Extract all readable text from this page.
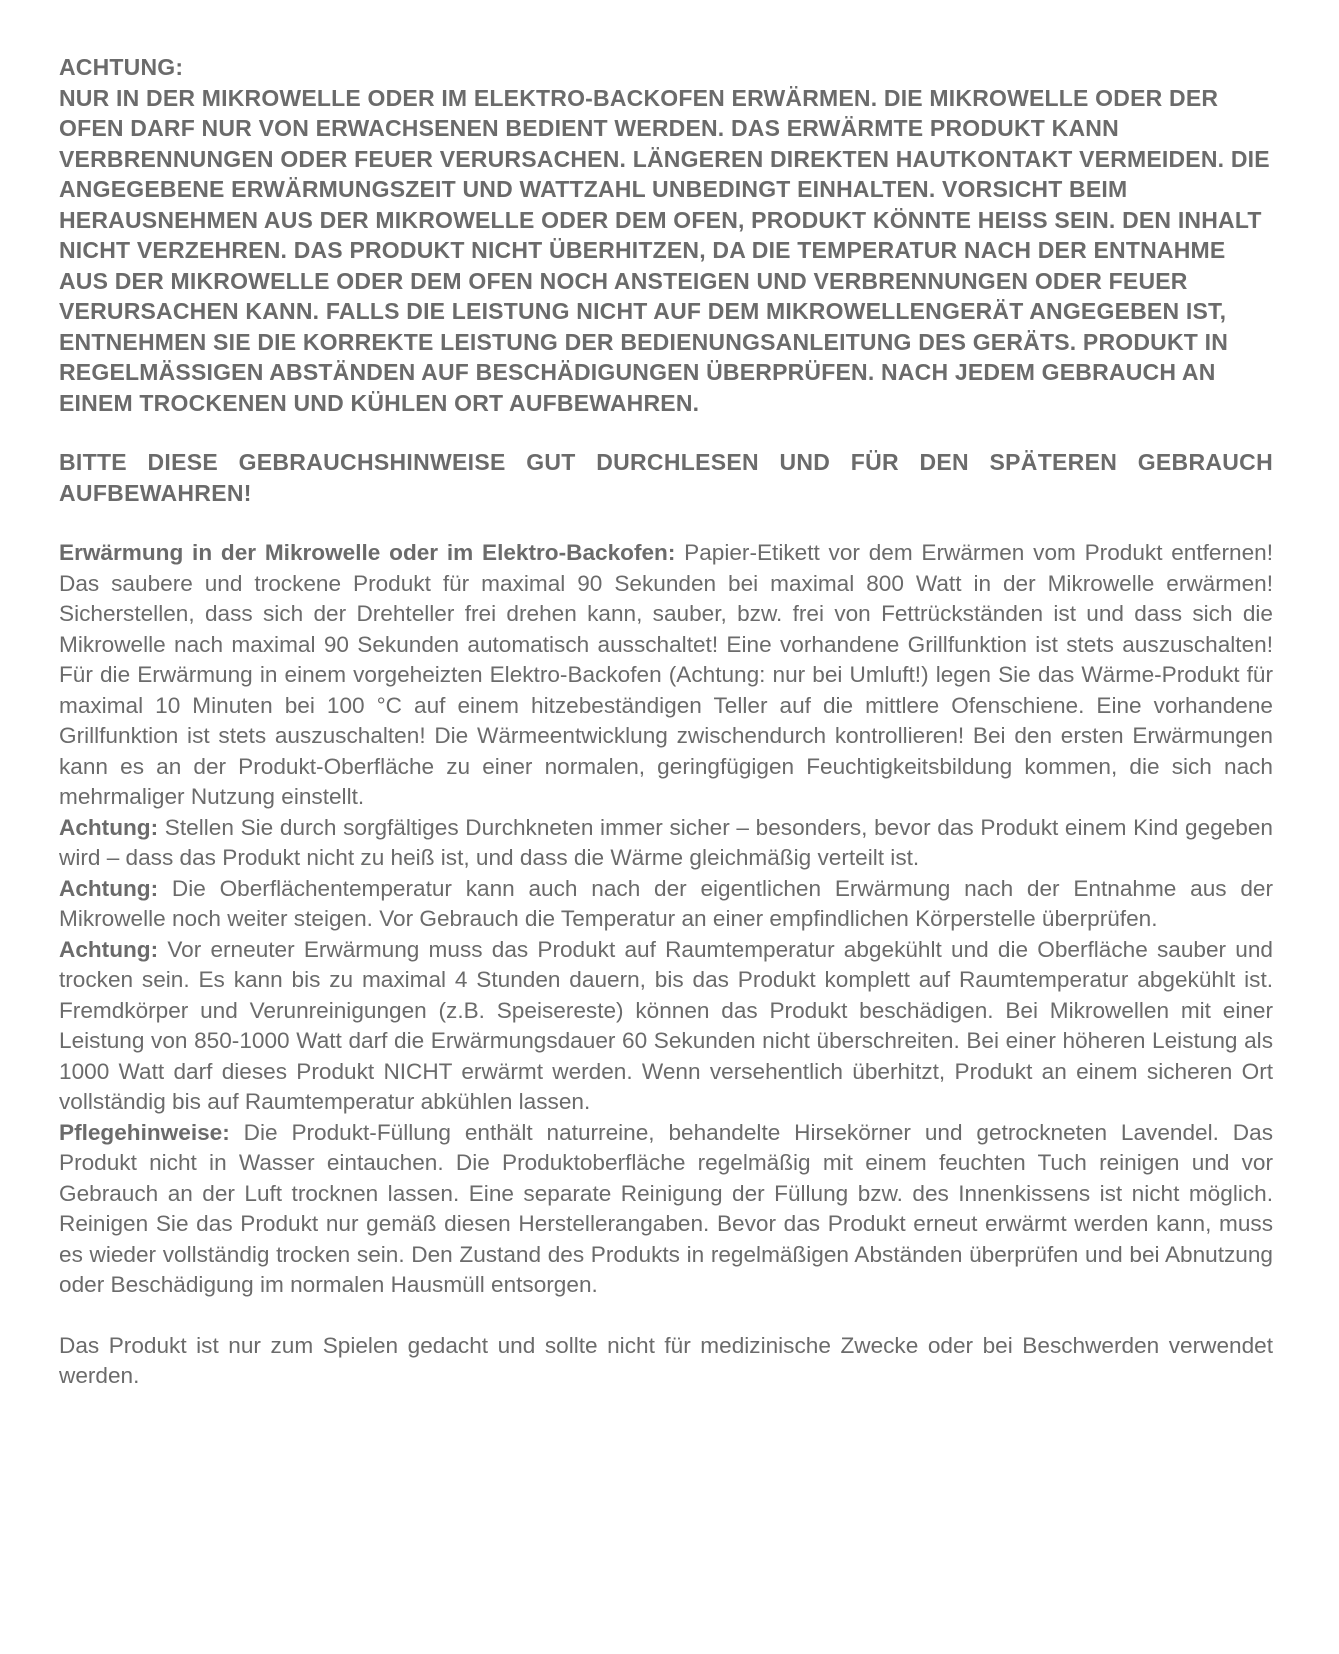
ACHTUNG:
NUR IN DER MIKROWELLE ODER IM ELEKTRO-BACKOFEN ERWÄRMEN. DIE MIKROWELLE ODER DER OFEN DARF NUR VON ERWACHSENEN BEDIENT WERDEN. DAS ERWÄRMTE PRODUKT KANN VERBRENNUNGEN ODER FEUER VERURSACHEN. LÄNGEREN DIREKTEN HAUTKONTAKT VERMEIDEN. DIE ANGEGEBENE ERWÄRMUNGSZEIT UND WATTZAHL UNBEDINGT EINHALTEN. VORSICHT BEIM HERAUSNEHMEN AUS DER MIKROWELLE ODER DEM OFEN, PRODUKT KÖNNTE HEISS SEIN. DEN INHALT NICHT VERZEHREN. DAS PRODUKT NICHT ÜBERHITZEN, DA DIE TEMPERATUR NACH DER ENTNAHME AUS DER MIKROWELLE ODER DEM OFEN NOCH ANSTEIGEN UND VERBRENNUNGEN ODER FEUER VERURSACHEN KANN. FALLS DIE LEISTUNG NICHT AUF DEM MIKROWELLENGERÄT ANGEGEBEN IST, ENTNEHMEN SIE DIE KORREKTE LEISTUNG DER BEDIENUNGSANLEITUNG DES GERÄTS. PRODUKT IN REGELMÄSSIGEN ABSTÄNDEN AUF BESCHÄDIGUNGEN ÜBERPRÜFEN. NACH JEDEM GEBRAUCH AN EINEM TROCKENEN UND KÜHLEN ORT AUFBEWAHREN.

BITTE DIESE GEBRAUCHSHINWEISE GUT DURCHLESEN UND FÜR DEN SPÄTEREN GEBRAUCH AUFBEWAHREN!

Erwärmung in der Mikrowelle oder im Elektro-Backofen: Papier-Etikett vor dem Erwärmen vom Produkt entfernen! Das saubere und trockene Produkt für maximal 90 Sekunden bei maximal 800 Watt in der Mikrowelle erwärmen! Sicherstellen, dass sich der Drehteller frei drehen kann, sauber, bzw. frei von Fettrückständen ist und dass sich die Mikrowelle nach maximal 90 Sekunden automatisch ausschaltet! Eine vorhandene Grillfunktion ist stets auszuschalten! Für die Erwärmung in einem vorgeheizten Elektro-Backofen (Achtung: nur bei Umluft!) legen Sie das Wärme-Produkt für maximal 10 Minuten bei 100 °C auf einem hitzebeständigen Teller auf die mittlere Ofenschiene. Eine vorhandene Grillfunktion ist stets auszuschalten! Die Wärmeentwicklung zwischendurch kontrollieren! Bei den ersten Erwärmungen kann es an der Produkt-Oberfläche zu einer normalen, geringfügigen Feuchtigkeitsbildung kommen, die sich nach mehrmaliger Nutzung einstellt.

Achtung: Stellen Sie durch sorgfältiges Durchkneten immer sicher – besonders, bevor das Produkt einem Kind gegeben wird – dass das Produkt nicht zu heiß ist, und dass die Wärme gleichmäßig verteilt ist.

Achtung: Die Oberflächentemperatur kann auch nach der eigentlichen Erwärmung nach der Entnahme aus der Mikrowelle noch weiter steigen. Vor Gebrauch die Temperatur an einer empfindlichen Körperstelle überprüfen.

Achtung: Vor erneuter Erwärmung muss das Produkt auf Raumtemperatur abgekühlt und die Oberfläche sauber und trocken sein. Es kann bis zu maximal 4 Stunden dauern, bis das Produkt komplett auf Raumtemperatur abgekühlt ist. Fremdkörper und Verunreinigungen (z.B. Speisereste) können das Produkt beschädigen. Bei Mikrowellen mit einer Leistung von 850-1000 Watt darf die Erwärmungsdauer 60 Sekunden nicht überschreiten. Bei einer höheren Leistung als 1000 Watt darf dieses Produkt NICHT erwärmt werden. Wenn versehentlich überhitzt, Produkt an einem sicheren Ort vollständig bis auf Raumtemperatur abkühlen lassen.

Pflegehinweise: Die Produkt-Füllung enthält naturreine, behandelte Hirsekörner und getrockneten Lavendel. Das Produkt nicht in Wasser eintauchen. Die Produktoberfläche regelmäßig mit einem feuchten Tuch reinigen und vor Gebrauch an der Luft trocknen lassen. Eine separate Reinigung der Füllung bzw. des Innenkissens ist nicht möglich. Reinigen Sie das Produkt nur gemäß diesen Herstellerangaben. Bevor das Produkt erneut erwärmt werden kann, muss es wieder vollständig trocken sein. Den Zustand des Produkts in regelmäßigen Abständen überprüfen und bei Abnutzung oder Beschädigung im normalen Hausmüll entsorgen.

Das Produkt ist nur zum Spielen gedacht und sollte nicht für medizinische Zwecke oder bei Beschwerden verwendet werden.
